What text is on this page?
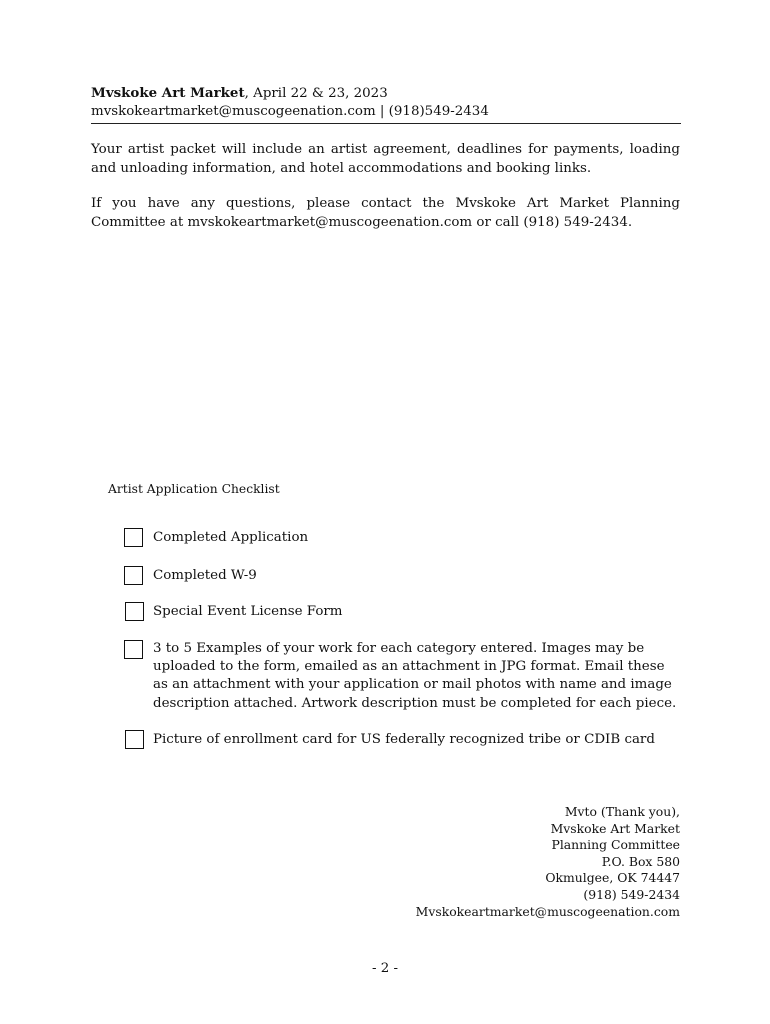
Mvskoke Art Market, April 22 & 23, 2023
mvskokeartmarket@muscogeenation.com | (918)549-2434
Your artist packet will include an artist agreement, deadlines for payments, loading and unloading information, and hotel accommodations and booking links.
If you have any questions, please contact the Mvskoke Art Market Planning Committee at mvskokeartmarket@muscogeenation.com or call (918) 549-2434.
Artist Application Checklist
Completed Application
Completed W-9
Special Event License Form
3 to 5 Examples of your work for each category entered. Images may be uploaded to the form, emailed as an attachment in JPG format. Email these as an attachment with your application or mail photos with name and image description attached. Artwork description must be completed for each piece.
Picture of enrollment card for US federally recognized tribe or CDIB card
Mvto (Thank you),
Mvskoke Art Market
Planning Committee
P.O. Box 580
Okmulgee, OK 74447
(918) 549-2434
Mvskokeartmarket@muscogeenation.com
- 2 -
